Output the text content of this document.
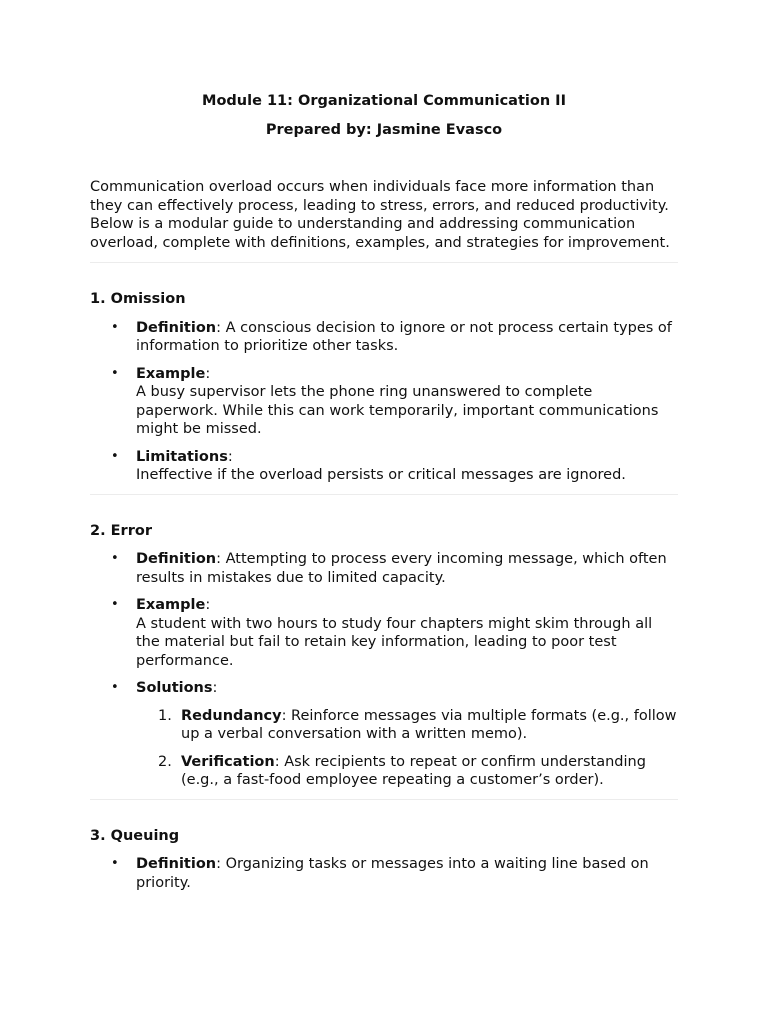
Module 11: Organizational Communication II

Prepared by: Jasmine Evasco

Communication overload occurs when individuals face more information than they can effectively process, leading to stress, errors, and reduced productivity. Below is a modular guide to understanding and addressing communication overload, complete with definitions, examples, and strategies for improvement.

1. Omission

• Definition: A conscious decision to ignore or not process certain types of information to prioritize other tasks.
• Example:
A busy supervisor lets the phone ring unanswered to complete paperwork. While this can work temporarily, important communications might be missed.
• Limitations:
Ineffective if the overload persists or critical messages are ignored.

2. Error

• Definition: Attempting to process every incoming message, which often results in mistakes due to limited capacity.
• Example:
A student with two hours to study four chapters might skim through all the material but fail to retain key information, leading to poor test performance.
• Solutions:
1. Redundancy: Reinforce messages via multiple formats (e.g., follow up a verbal conversation with a written memo).
2. Verification: Ask recipients to repeat or confirm understanding (e.g., a fast-food employee repeating a customer’s order).

3. Queuing

• Definition: Organizing tasks or messages into a waiting line based on priority.
